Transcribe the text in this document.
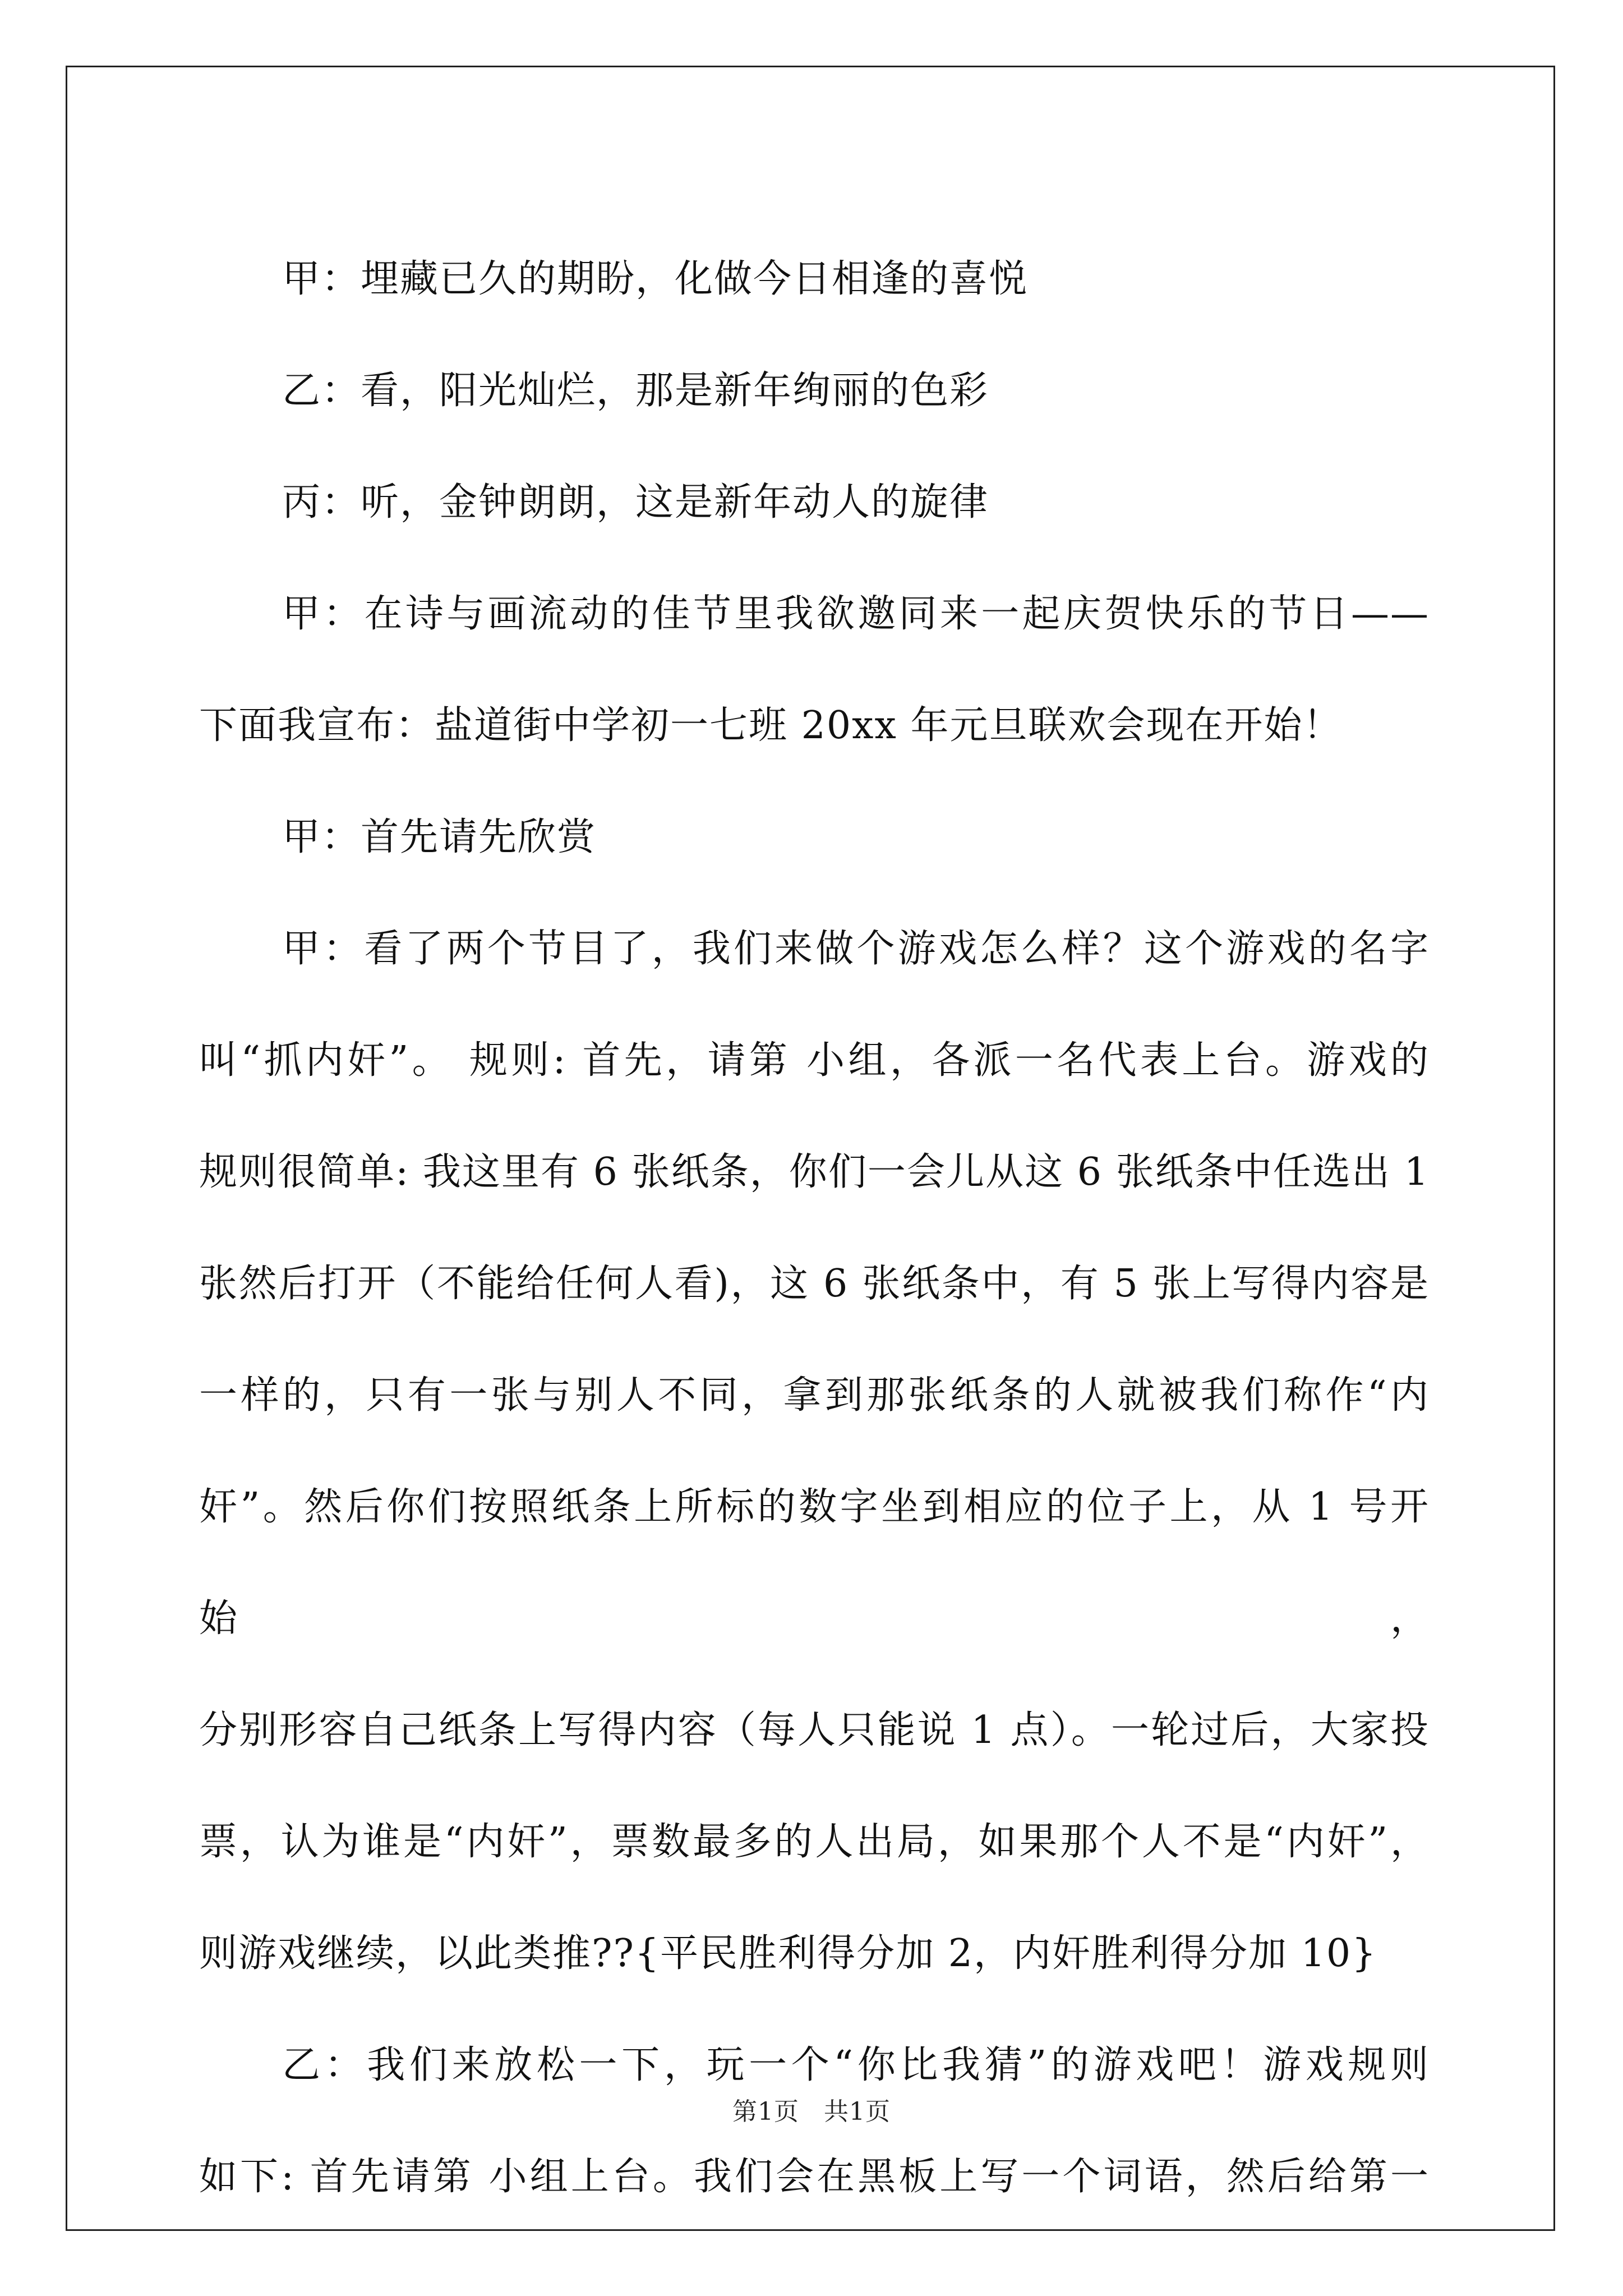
甲：埋藏已久的期盼，化做今日相逢的喜悦

乙：看，阳光灿烂，那是新年绚丽的色彩

丙：听，金钟朗朗，这是新年动人的旋律

甲：在诗与画流动的佳节里我欲邀同来一起庆贺快乐的节日——
下面我宣布：盐道街中学初一七班 20xx 年元旦联欢会现在开始！

甲：首先请先欣赏

甲：看了两个节目了，我们来做个游戏怎么样？这个游戏的名字
叫“抓内奸”。 规则: 首先，请第 小组，各派一名代表上台。游戏的
规则很简单: 我这里有 6 张纸条，你们一会儿从这 6 张纸条中任选出 1
张然后打开（不能给任何人看)，这 6 张纸条中，有 5 张上写得内容是
一样的，只有一张与别人不同，拿到那张纸条的人就被我们称作“内
奸”。然后你们按照纸条上所标的数字坐到相应的位子上，从 1 号开始，
分别形容自己纸条上写得内容（每人只能说 1 点）。一轮过后，大家投
票，认为谁是“内奸”，票数最多的人出局，如果那个人不是“内奸”，
则游戏继续，以此类推??{平民胜利得分加 2，内奸胜利得分加 10}

乙：我们来放松一下，玩一个“你比我猜”的游戏吧！游戏规则
如下: 首先请第 小组上台。我们会在黑板上写一个词语，然后给第一

第1页 共1页
